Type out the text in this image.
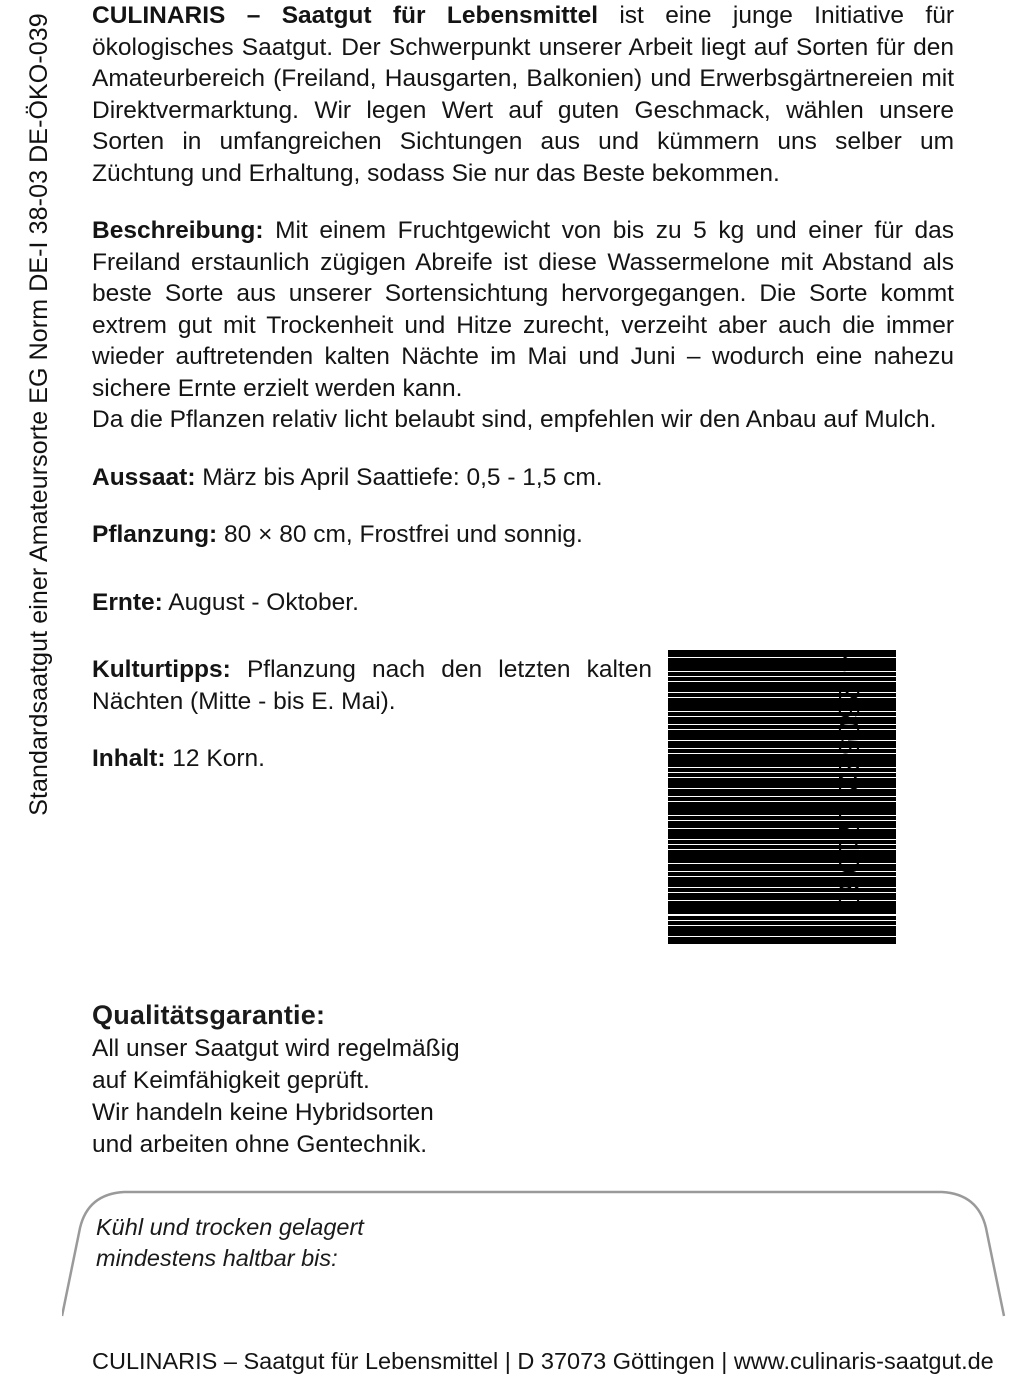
Standardsaatgut einer Amateursorte EG Norm DE-I 38-03 DE-ÖKO-039 CULINARIS – Saatgut für Lebensmittel ist eine junge Initiative für ökologisches Saatgut. Der Schwerpunkt unserer Arbeit liegt auf Sorten für den Amateurbereich (Freiland, Hausgarten, Balkonien) und Erwerbsgärtnereien mit Direktvermarktung. Wir legen Wert auf guten Geschmack, wählen unsere Sorten in umfangreichen Sichtungen aus und kümmern uns selber um Züchtung und Erhaltung, sodass Sie nur das Beste bekommen.

Beschreibung: Mit einem Fruchtgewicht von bis zu 5 kg und einer für das Freiland erstaunlich zügigen Abreife ist diese Wassermelone mit Abstand als beste Sorte aus unserer Sortensichtung hervorgegangen. Die Sorte kommt extrem gut mit Trockenheit und Hitze zurecht, verzeiht aber auch die immer wieder auftretenden kalten Nächte im Mai und Juni – wodurch eine nahezu sichere Ernte erzielt werden kann.

Da die Pflanzen relativ licht belaubt sind, empfehlen wir den Anbau auf Mulch.

Aussaat: März bis April Saattiefe: 0,5 - 1,5 cm.

Pflanzung: 80 × 80 cm, Frostfrei und sonnig.

Ernte: August - Oktober.

Kulturtipps: Pflanzung nach den letzten kalten Nächten (Mitte - bis E. Mai).

Inhalt: 12 Korn.	4 260522 171060
Qualitätsgarantie:
All unser Saatgut wird regelmäßig
auf Keimfähigkeit geprüft.
Wir handeln keine Hybridsorten
und arbeiten ohne Gentechnik.
Kühl und trocken gelagert
mindestens haltbar bis:
CULINARIS – Saatgut für Lebensmittel | D 37073 Göttingen | www.culinaris-saatgut.de
